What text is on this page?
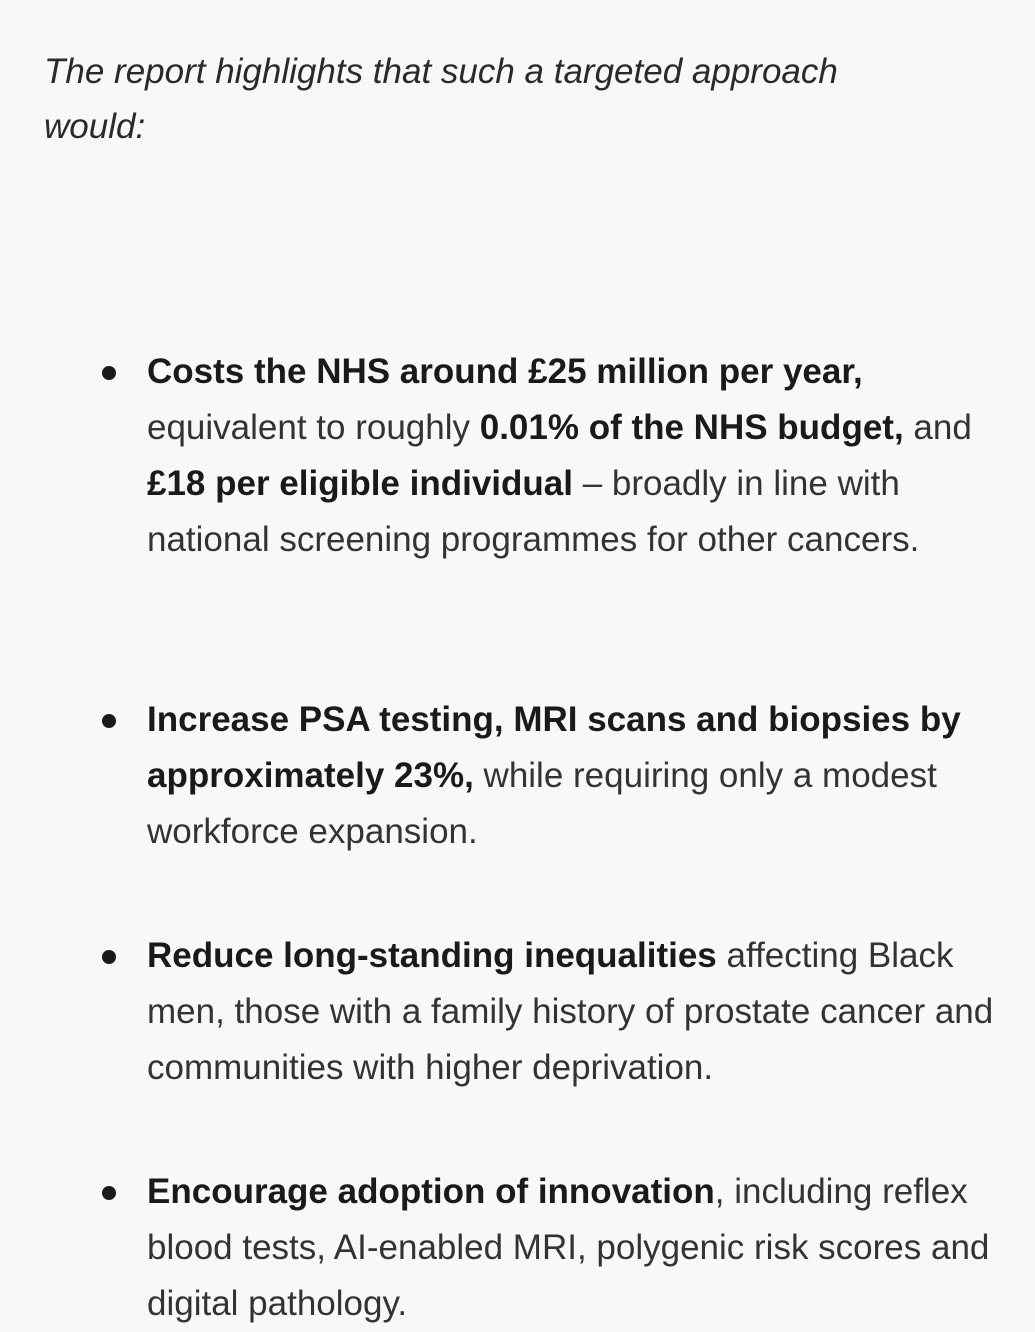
The report highlights that such a targeted approach would:

Costs the NHS around £25 million per year, equivalent to roughly 0.01% of the NHS budget, and £18 per eligible individual – broadly in line with national screening programmes for other cancers.
Increase PSA testing, MRI scans and biopsies by approximately 23%, while requiring only a modest workforce expansion.
Reduce long-standing inequalities affecting Black men, those with a family history of prostate cancer and communities with higher deprivation.
Encourage adoption of innovation, including reflex blood tests, AI-enabled MRI, polygenic risk scores and digital pathology.
